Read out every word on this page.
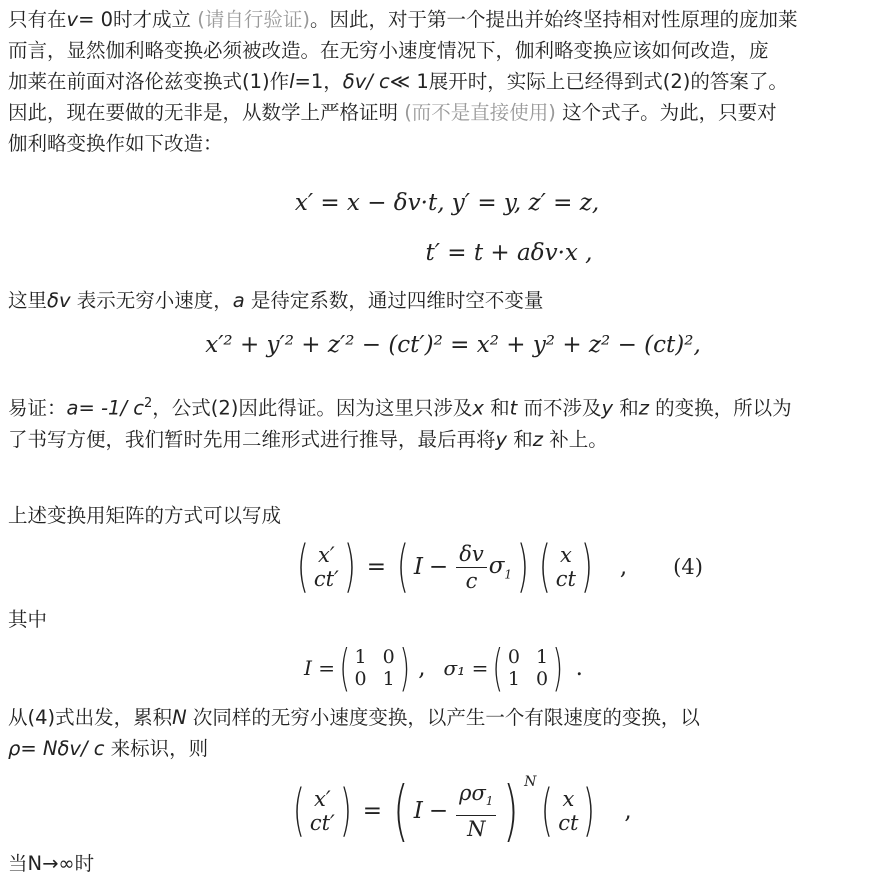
只有在v= 0时才成立 (请自行验证)。因此，对于第一个提出并始终坚持相对性原理的庞加莱

而言，显然伽利略变换必须被改造。在无穷小速度情况下，伽利略变换应该如何改造，庞

加莱在前面对洛伦兹变换式(1)作l=1，δv/ c≪ 1展开时，实际上已经得到式(2)的答案了。

因此，现在要做的无非是，从数学上严格证明 (而不是直接使用) 这个式子。为此，只要对

伽利略变换作如下改造：

x′ = x − δv·t, y′ = y, z′ = z,
t′ = t + aδv·x ,

这里δv 表示无穷小速度，a 是待定系数，通过四维时空不变量

x′² + y′² + z′² − (ct′)² = x² + y² + z² − (ct)²,

易证：a= -1/ $c^2$，公式(2)因此得证。因为这里只涉及x 和t 而不涉及y 和z 的变换，所以为

了书写方便，我们暂时先用二维形式进行推导，最后再将y 和z 补上。

上述变换用矩阵的方式可以写成

( x′
ct′ ) = ( $I - \frac{\delta v}{c} \sigma_1$ ) ( x
ct ) , (4)

其中

I = ( 1 0
0 1 ) , σ₁ = ( 0 1
1 0 ) .

从(4)式出发，累积N 次同样的无穷小速度变换，以产生一个有限速度的变换，以

ρ= Nδv/ c 来标识，则

( x′
ct′ ) = ( $I - \frac{\rho\sigma_1}{N}$ ) N ( x
ct ) ,

当N→∞时
